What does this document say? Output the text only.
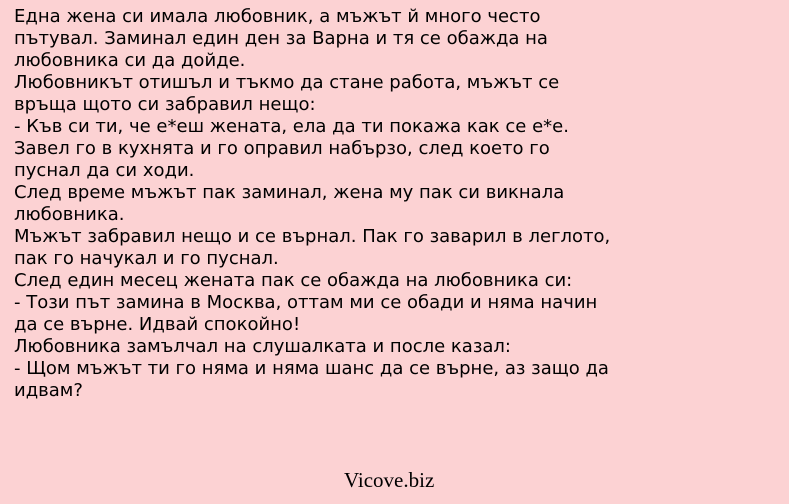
Една жена си имала любовник, а мъжът й много често
пътувал. Заминал един ден за Варна и тя се обажда на
любовника си да дойде.
Любовникът отишъл и тъкмо да стане работа, мъжът се
връща щото си забравил нещо:
- Къв си ти, че е*еш жената, ела да ти покажа как се е*е.
Завел го в кухнята и го оправил набързо, след което го
пуснал да си ходи.
След време мъжът пак заминал, жена му пак си викнала
любовника.
Мъжът забравил нещо и се върнал. Пак го заварил в леглото,
пак го начукал и го пуснал.
След един месец жената пак се обажда на любовника си:
- Този път замина в Москва, оттам ми се обади и няма начин
да се върне. Идвай спокойно!
Любовника замълчал на слушалката и после казал:
- Щом мъжът ти го няма и няма шанс да се върне, аз защо да
идвам?
Vicove.biz
